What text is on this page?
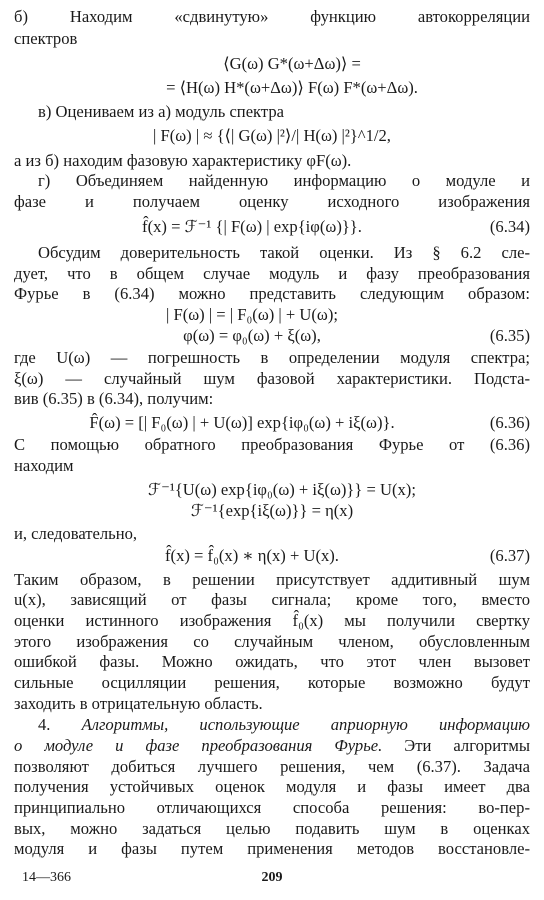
б) Находим «сдвинутую» функцию автокорреляции
спектров
⟨G(ω) G*(ω+Δω)⟩ =
= ⟨H(ω) H*(ω+Δω)⟩ F(ω) F*(ω+Δω).
в) Оцениваем из а) модуль спектра
| F(ω) | ≈ {⟨| G(ω) |²⟩/| H(ω) |²}^1/2,
а из б) находим фазовую характеристику φF(ω).
г) Объединяем найденную информацию о модуле и
фазе и получаем оценку исходного изображения
f̂(x) = ℱ⁻¹ {| F(ω) | exp{iφ(ω)}}.	(6.34)
Обсудим доверительность такой оценки. Из § 6.2 сле-
дует, что в общем случае модуль и фазу преобразования
Фурье в (6.34) можно представить следующим образом:
| F(ω) | = | F₀(ω) | + U(ω);
φ(ω) = φ₀(ω) + ξ(ω),	(6.35)
где U(ω) — погрешность в определении модуля спектра;
ξ(ω) — случайный шум фазовой характеристики. Подста-
вив (6.35) в (6.34), получим:
F̂(ω) = [| F₀(ω) | + U(ω)] exp{iφ₀(ω) + iξ(ω)}.	(6.36)
С помощью обратного преобразования Фурье от (6.36)
находим
ℱ⁻¹{U(ω) exp{iφ₀(ω) + iξ(ω)}} = U(x);
ℱ⁻¹{exp{iξ(ω)}} = η(x)
и, следовательно,
f̂(x) = f̂₀(x) ∗ η(x) + U(x).	(6.37)
Таким образом, в решении присутствует аддитивный шум
u(x), зависящий от фазы сигнала; кроме того, вместо
оценки истинного изображения f̂₀(x) мы получили свертку
этого изображения со случайным членом, обусловленным
ошибкой фазы. Можно ожидать, что этот член вызовет
сильные осцилляции решения, которые возможно будут
заходить в отрицательную область.
4. Алгоритмы, использующие априорную информацию
о модуле и фазе преобразования Фурье. Эти алгоритмы
позволяют добиться лучшего решения, чем (6.37). Задача
получения устойчивых оценок модуля и фазы имеет два
принципиально отличающихся способа решения: во-пер-
вых, можно задаться целью подавить шум в оценках
модуля и фазы путем применения методов восстановле-
14—366	209
